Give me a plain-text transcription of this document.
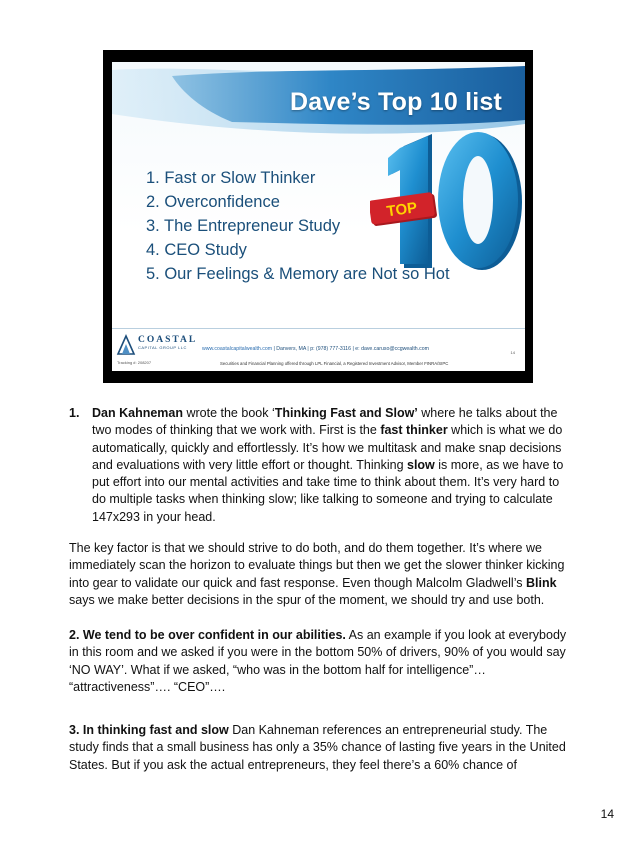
Dave’s Top 10 list
TOP
1. Fast or Slow Thinker
2. Overconfidence
3. The Entrepreneur Study
4. CEO Study
5. Our Feelings & Memory are Not so Hot
COASTAL
CAPITAL GROUP LLC
Tracking #: 208207
www.coastalcapitalwealth.com | Danvers, MA | p: (978) 777-3116 | e: dave.caruso@ccgwealth.com
Securities and Financial Planning offered through LPL Financial, a Registered Investment Advisor, Member FINRA/SIPC
14
1.	Dan Kahneman wrote the book ‘Thinking Fast and Slow’ where he talks about the two modes of thinking that we work with. First is the fast thinker which is what we do automatically, quickly and effortlessly. It’s how we multitask and make snap decisions and evaluations with very little effort or thought. Thinking slow is more, as we have to put effort into our mental activities and take time to think about them. It’s very hard to do multiple tasks when thinking slow; like talking to someone and trying to calculate 147x293 in your head.

The key factor is that we should strive to do both, and do them together. It’s where we immediately scan the horizon to evaluate things but then we get the slower thinker kicking into gear to validate our quick and fast response. Even though Malcolm Gladwell’s Blink says we make better decisions in the spur of the moment, we should try and use both.

2. We tend to be over confident in our abilities. As an example if you look at everybody in this room and we asked if you were in the bottom 50% of drivers, 90% of you would say ‘NO WAY’. What if we asked, “who was in the bottom half for intelligence”… “attractiveness”…. “CEO”….

3. In thinking fast and slow Dan Kahneman references an entrepreneurial study. The study finds that a small business has only a 35% chance of lasting five years in the United States. But if you ask the actual entrepreneurs, they feel there’s a 60% chance of

14
